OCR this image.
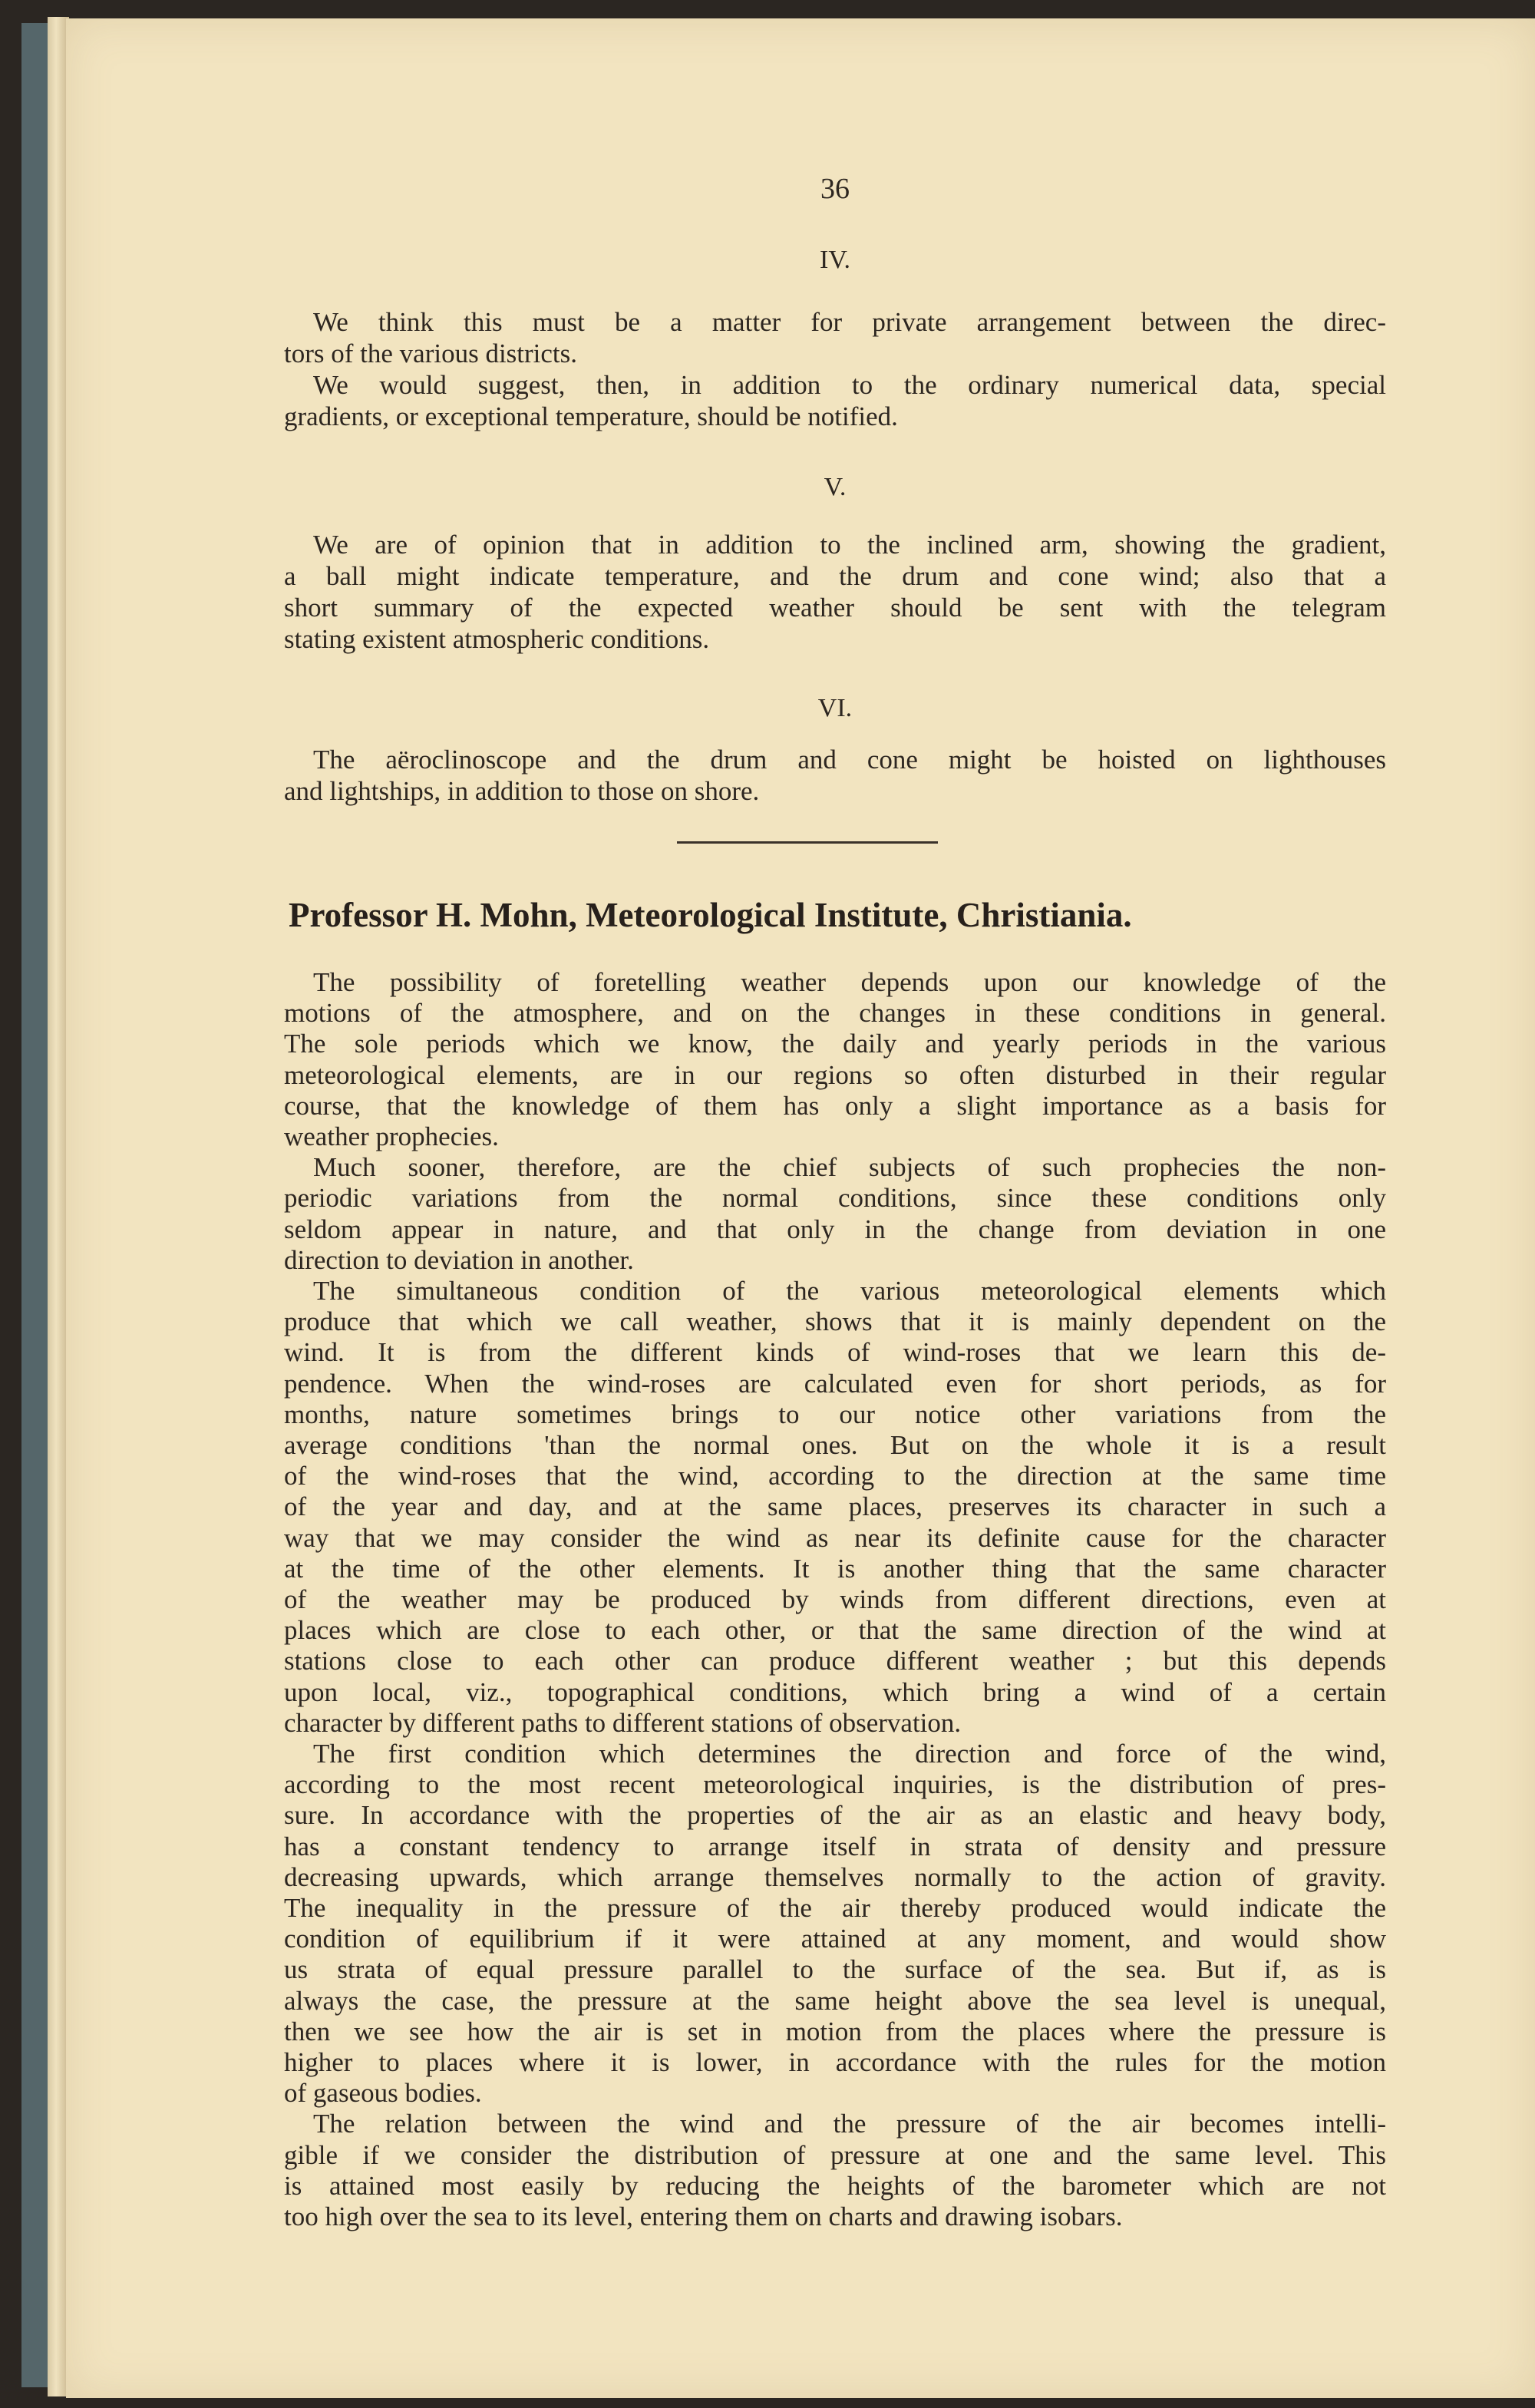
36
IV.
We think this must be a matter for private arrangement between the direc-
tors of the various districts.
We would suggest, then, in addition to the ordinary numerical data, special
gradients, or exceptional temperature, should be notified.
V.
We are of opinion that in addition to the inclined arm, showing the gradient,
a ball might indicate temperature, and the drum and cone wind; also that a
short summary of the expected weather should be sent with the telegram
stating existent atmospheric conditions.
VI.
The aëroclinoscope and the drum and cone might be hoisted on lighthouses
and lightships, in addition to those on shore.
The possibility of foretelling weather depends upon our knowledge of the
motions of the atmosphere, and on the changes in these conditions in general.
The sole periods which we know, the daily and yearly periods in the various
meteorological elements, are in our regions so often disturbed in their regular
course, that the knowledge of them has only a slight importance as a basis for
weather prophecies.
Much sooner, therefore, are the chief subjects of such prophecies the non-
periodic variations from the normal conditions, since these conditions only
seldom appear in nature, and that only in the change from deviation in one
direction to deviation in another.
The simultaneous condition of the various meteorological elements which
produce that which we call weather, shows that it is mainly dependent on the
wind. It is from the different kinds of wind-roses that we learn this de-
pendence. When the wind-roses are calculated even for short periods, as for
months, nature sometimes brings to our notice other variations from the
average conditions 'than the normal ones. But on the whole it is a result
of the wind-roses that the wind, according to the direction at the same time
of the year and day, and at the same places, preserves its character in such a
way that we may consider the wind as near its definite cause for the character
at the time of the other elements. It is another thing that the same character
of the weather may be produced by winds from different directions, even at
places which are close to each other, or that the same direction of the wind at
stations close to each other can produce different weather ; but this depends
upon local, viz., topographical conditions, which bring a wind of a certain
character by different paths to different stations of observation.
The first condition which determines the direction and force of the wind,
according to the most recent meteorological inquiries, is the distribution of pres-
sure. In accordance with the properties of the air as an elastic and heavy body,
has a constant tendency to arrange itself in strata of density and pressure
decreasing upwards, which arrange themselves normally to the action of gravity.
The inequality in the pressure of the air thereby produced would indicate the
condition of equilibrium if it were attained at any moment, and would show
us strata of equal pressure parallel to the surface of the sea. But if, as is
always the case, the pressure at the same height above the sea level is unequal,
then we see how the air is set in motion from the places where the pressure is
higher to places where it is lower, in accordance with the rules for the motion
of gaseous bodies.
The relation between the wind and the pressure of the air becomes intelli-
gible if we consider the distribution of pressure at one and the same level. This
is attained most easily by reducing the heights of the barometer which are not
too high over the sea to its level, entering them on charts and drawing isobars.
Professor H. Mohn, Meteorological Institute, Christiania.
